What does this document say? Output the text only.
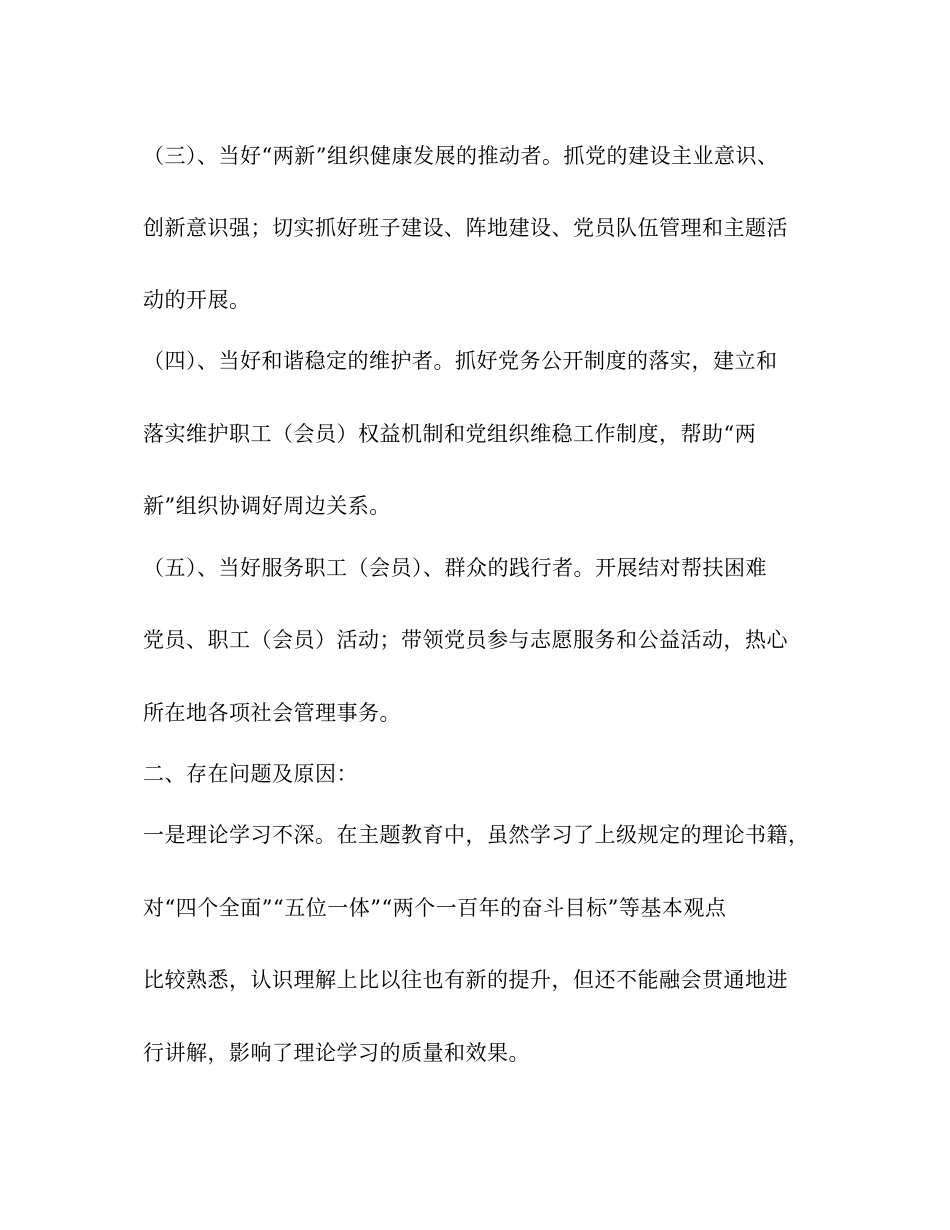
（三）、当好“两新”组织健康发展的推动者。抓党的建设主业意识、
创新意识强；切实抓好班子建设、阵地建设、党员队伍管理和主题活
动的开展。
（四）、当好和谐稳定的维护者。抓好党务公开制度的落实，建立和
落实维护职工（会员）权益机制和党组织维稳工作制度，帮助“两
新”组织协调好周边关系。
（五）、当好服务职工（会员）、群众的践行者。开展结对帮扶困难
党员、职工（会员）活动；带领党员参与志愿服务和公益活动，热心
所在地各项社会管理事务。
二、存在问题及原因：
一是理论学习不深。在主题教育中，虽然学习了上级规定的理论书籍，
对“四个全面”“五位一体”“两个一百年的奋斗目标”等基本观点
比较熟悉，认识理解上比以往也有新的提升，但还不能融会贯通地进
行讲解，影响了理论学习的质量和效果。
